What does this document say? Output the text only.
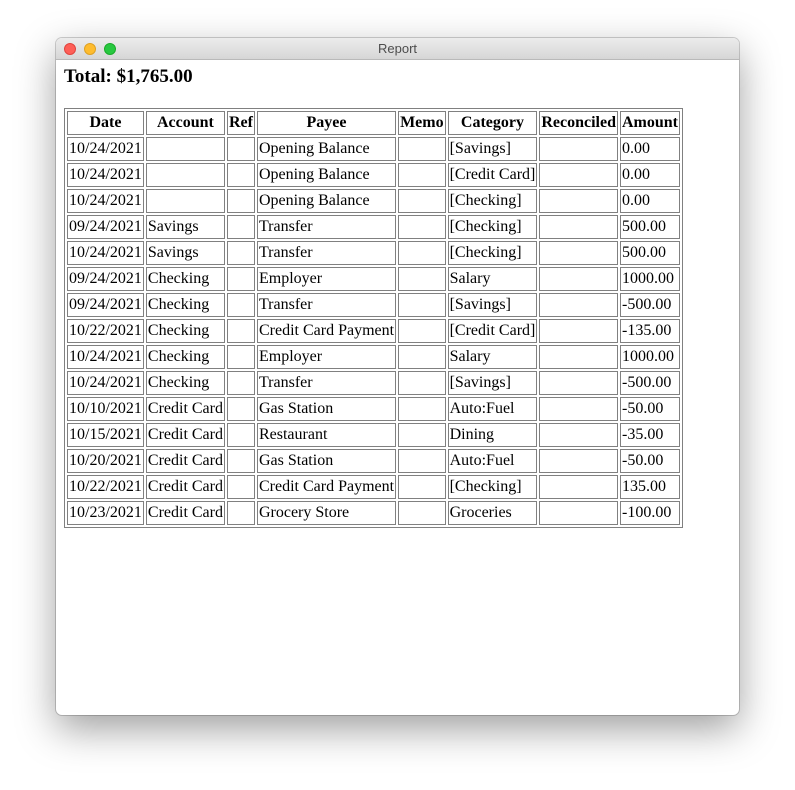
Report
Total: $1,765.00
Date	Account	Ref	Payee	Memo	Category	Reconciled	Amount
10/24/2021			Opening Balance		[Savings]		0.00
10/24/2021			Opening Balance		[Credit Card]		0.00
10/24/2021			Opening Balance		[Checking]		0.00
09/24/2021	Savings		Transfer		[Checking]		500.00
10/24/2021	Savings		Transfer		[Checking]		500.00
09/24/2021	Checking		Employer		Salary		1000.00
09/24/2021	Checking		Transfer		[Savings]		-500.00
10/22/2021	Checking		Credit Card Payment		[Credit Card]		-135.00
10/24/2021	Checking		Employer		Salary		1000.00
10/24/2021	Checking		Transfer		[Savings]		-500.00
10/10/2021	Credit Card		Gas Station		Auto:Fuel		-50.00
10/15/2021	Credit Card		Restaurant		Dining		-35.00
10/20/2021	Credit Card		Gas Station		Auto:Fuel		-50.00
10/22/2021	Credit Card		Credit Card Payment		[Checking]		135.00
10/23/2021	Credit Card		Grocery Store		Groceries		-100.00
